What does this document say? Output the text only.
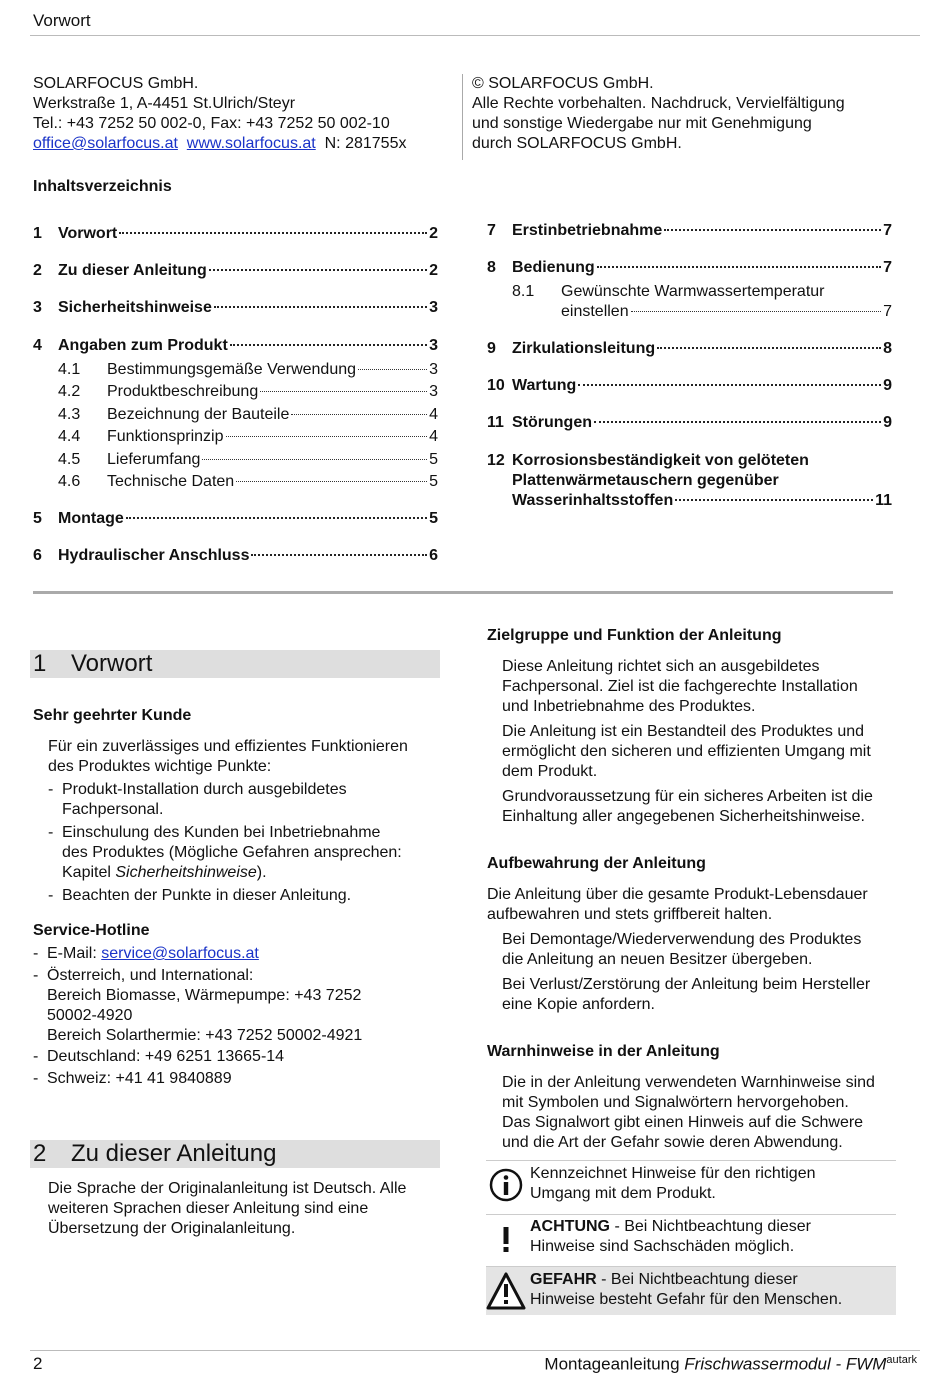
Vorwort
SOLARFOCUS GmbH.
Werkstraße 1, A-4451 St.Ulrich/Steyr
Tel.: +43 7252 50 002-0, Fax: +43 7252 50 002-10
office@solarfocus.at www.solarfocus.at N: 281755x
© SOLARFOCUS GmbH.
Alle Rechte vorbehalten. Nachdruck, Vervielfältigung
und sonstige Wiedergabe nur mit Genehmigung
durch SOLARFOCUS GmbH.
Inhaltsverzeichnis
1	Vorwort	2
2	Zu dieser Anleitung	2
3	Sicherheitshinweise	3
4	Angaben zum Produkt	3
4.1	Bestimmungsgemäße Verwendung	3
4.2	Produktbeschreibung	3
4.3	Bezeichnung der Bauteile	4
4.4	Funktionsprinzip	4
4.5	Lieferumfang	5
4.6	Technische Daten	5
5	Montage	5
6	Hydraulischer Anschluss	6
7	Erstinbetriebnahme	7
8	Bedienung	7
8.1 Gewünschte Warmwassertemperatur
einstellen	7
9	Zirkulationsleitung	8
10 Wartung	9
11 Störungen	9
12 Korrosionsbeständigkeit von gelöteten
Plattenwärmetauschern gegenüber
Wasserinhaltsstoffen	11
1 Vorwort
Sehr geehrter Kunde
Für ein zuverlässiges und effizientes Funktionieren
des Produktes wichtige Punkte:
- Produkt-Installation durch ausgebildetes
Fachpersonal.
- Einschulung des Kunden bei Inbetriebnahme
des Produktes (Mögliche Gefahren ansprechen:
Kapitel Sicherheitshinweise).
- Beachten der Punkte in dieser Anleitung.
Service-Hotline
- E-Mail: service@solarfocus.at
- Österreich, und International:
Bereich Biomasse, Wärmepumpe: +43 7252
50002-4920
Bereich Solarthermie: +43 7252 50002-4921
- Deutschland: +49 6251 13665-14
- Schweiz: +41 41 9840889
2 Zu dieser Anleitung
Die Sprache der Originalanleitung ist Deutsch. Alle
weiteren Sprachen dieser Anleitung sind eine
Übersetzung der Originalanleitung.
Zielgruppe und Funktion der Anleitung
Diese Anleitung richtet sich an ausgebildetes
Fachpersonal. Ziel ist die fachgerechte Installation
und Inbetriebnahme des Produktes.
Die Anleitung ist ein Bestandteil des Produktes und
ermöglicht den sicheren und effizienten Umgang mit
dem Produkt.
Grundvoraussetzung für ein sicheres Arbeiten ist die
Einhaltung aller angegebenen Sicherheitshinweise.
Aufbewahrung der Anleitung
Die Anleitung über die gesamte Produkt-Lebensdauer
aufbewahren und stets griffbereit halten.
Bei Demontage/Wiederverwendung des Produktes
die Anleitung an neuen Besitzer übergeben.
Bei Verlust/Zerstörung der Anleitung beim Hersteller
eine Kopie anfordern.
Warnhinweise in der Anleitung
Die in der Anleitung verwendeten Warnhinweise sind
mit Symbolen und Signalwörtern hervorgehoben.
Das Signalwort gibt einen Hinweis auf die Schwere
und die Art der Gefahr sowie deren Abwendung.
Kennzeichnet Hinweise für den richtigen
Umgang mit dem Produkt.
ACHTUNG - Bei Nichtbeachtung dieser
Hinweise sind Sachschäden möglich.
GEFAHR - Bei Nichtbeachtung dieser
Hinweise besteht Gefahr für den Menschen.
2	Montageanleitung Frischwassermodul - $FWM^{autark}$
